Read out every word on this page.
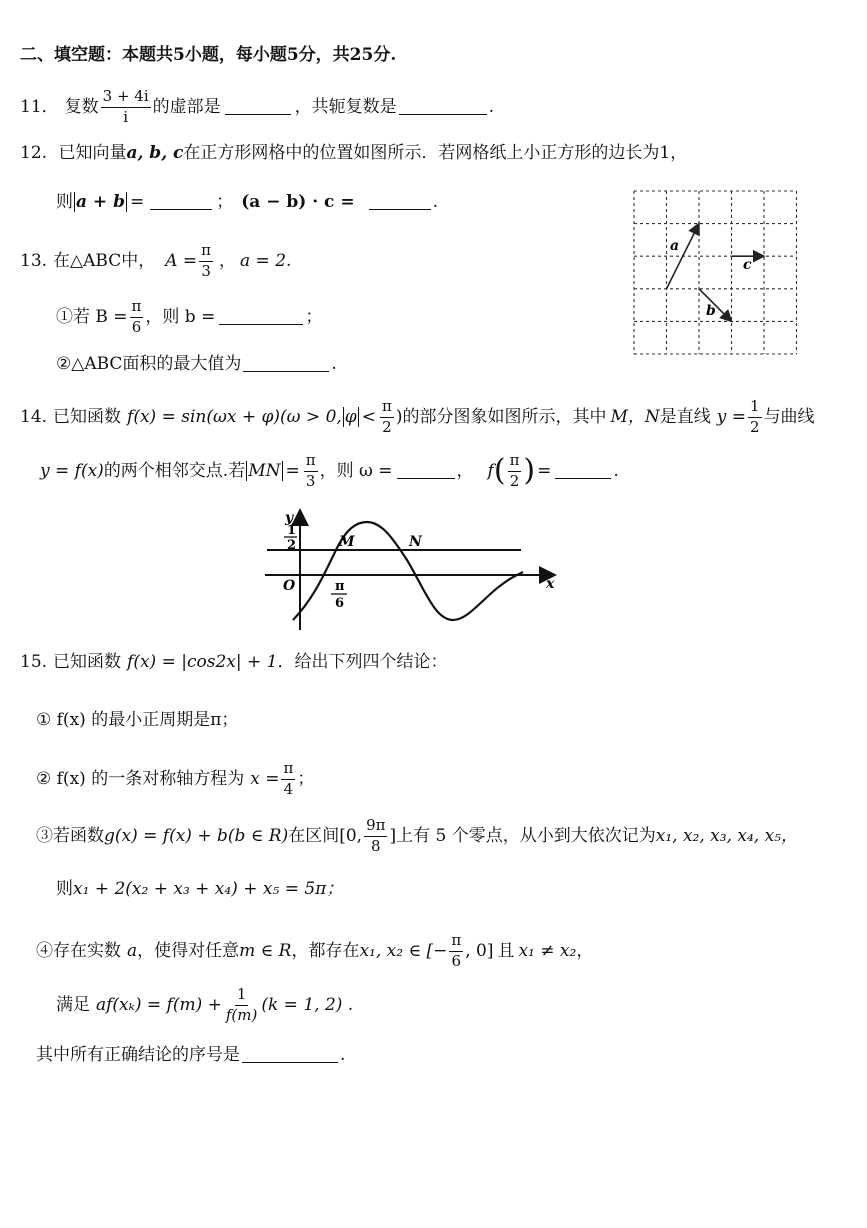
二、填空题：本题共5小题，每小题5分，共25分.
11． 复数 $\frac{3 + 4i}{i}$ 的虚部是	，共轭复数是	.
12. 已知向量a, b, c在正方形网格中的位置如图所示．若网格纸上小正方形的边长为1，
则 a + b =	； (a − b) · c =	.
a
b
c
13. 在△ABC中， $A = \frac{\pi}{3}$ ， a = 2.
①若 $B = \frac{\pi}{6}$ ，则 b =	；
②△ABC面积的最大值为	.
14. 已知函数 f(x) = sin(ωx + φ)(ω > 0, $\varphi < \frac{\pi}{2}$ )的部分图象如图所示，其中 M，N 是直线 $y = \frac{1}{2}$ 与曲线
y = f(x) 的两个相邻交点.若 MN = $\frac{\pi}{3}$ ，则 ω =	， f ( $\frac{\pi}{2}$ ) =	.
y
x
O
1
2
π
6
M	N
15. 已知函数 f(x) = |cos2x| + 1 ．给出下列四个结论：
① f(x) 的最小正周期是π；
② f(x) 的一条对称轴方程为 $x = \frac{\pi}{4}$ ；
③若函数 g(x) = f(x) + b(b ∈ R) 在区间 [0, $\frac{9\pi}{8}$ ] 上有 5 个零点，从小到大依次记为 x₁, x₂, x₃, x₄, x₅，
则 x₁ + 2(x₂ + x₃ + x₄) + x₅ = 5π；
④存在实数 a ，使得对任意 m ∈ R ，都存在 x₁, x₂ ∈ [− $\frac{\pi}{6}$ , 0] 且 x₁ ≠ x₂ ，
满足 $af(x_k) = f(m) + \frac{1}{f(m)} (k = 1$, 2) .
其中所有正确结论的序号是	.
